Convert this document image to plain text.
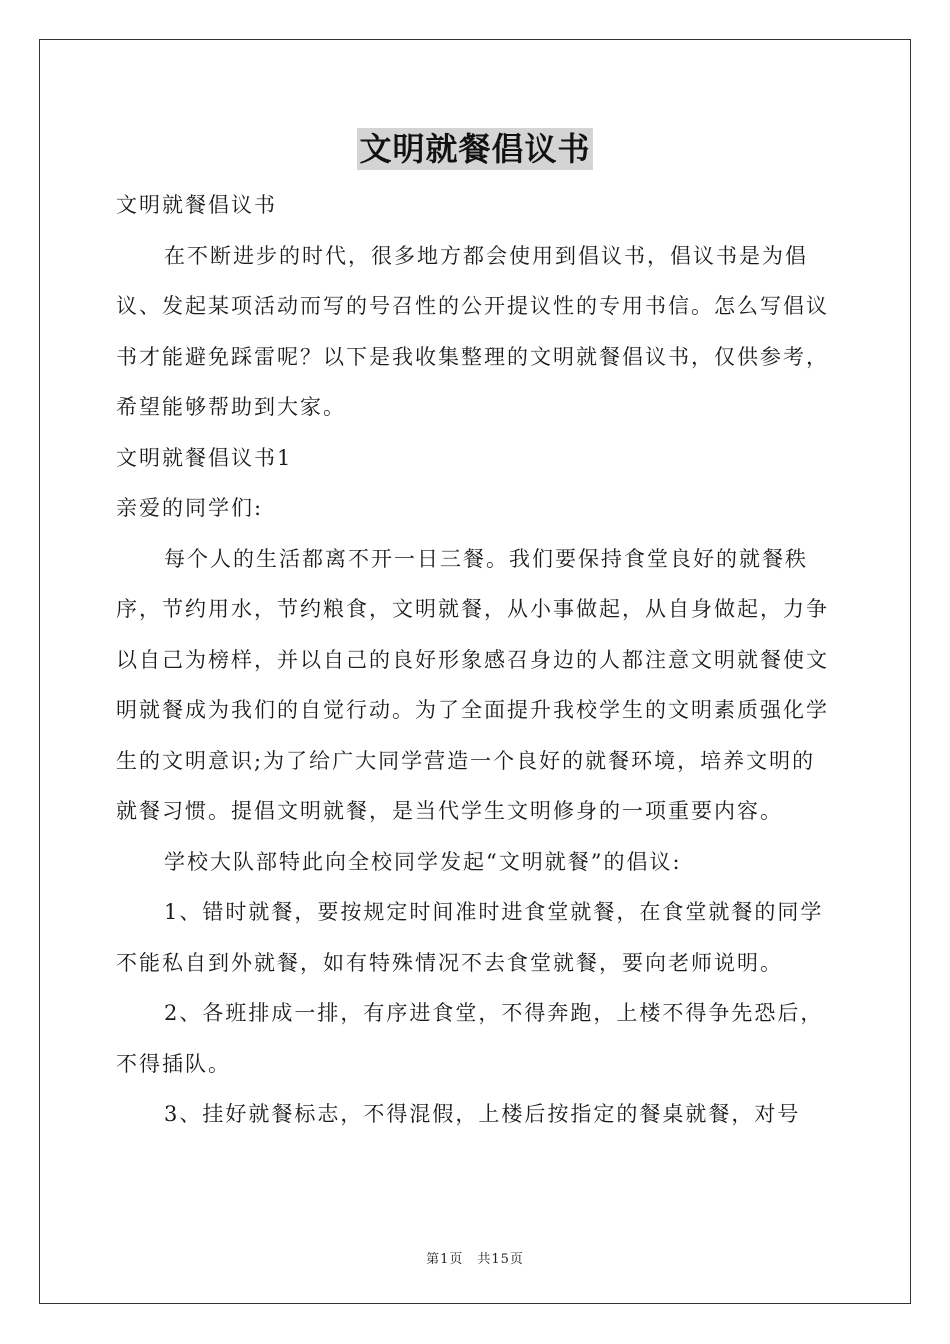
文明就餐倡议书

文明就餐倡议书

在不断进步的时代，很多地方都会使用到倡议书，倡议书是为倡议、发起某项活动而写的号召性的公开提议性的专用书信。怎么写倡议书才能避免踩雷呢？以下是我收集整理的文明就餐倡议书，仅供参考，希望能够帮助到大家。

文明就餐倡议书1

亲爱的同学们:

每个人的生活都离不开一日三餐。我们要保持食堂良好的就餐秩序，节约用水，节约粮食，文明就餐，从小事做起，从自身做起，力争以自己为榜样，并以自己的良好形象感召身边的人都注意文明就餐使文明就餐成为我们的自觉行动。为了全面提升我校学生的文明素质强化学生的文明意识;为了给广大同学营造一个良好的就餐环境，培养文明的就餐习惯。提倡文明就餐，是当代学生文明修身的一项重要内容。

学校大队部特此向全校同学发起“文明就餐”的倡议:

1、错时就餐，要按规定时间准时进食堂就餐，在食堂就餐的同学不能私自到外就餐，如有特殊情况不去食堂就餐，要向老师说明。

2、各班排成一排，有序进食堂，不得奔跑，上楼不得争先恐后，不得插队。

3、挂好就餐标志，不得混假，上楼后按指定的餐桌就餐，对号

第1页 共15页
